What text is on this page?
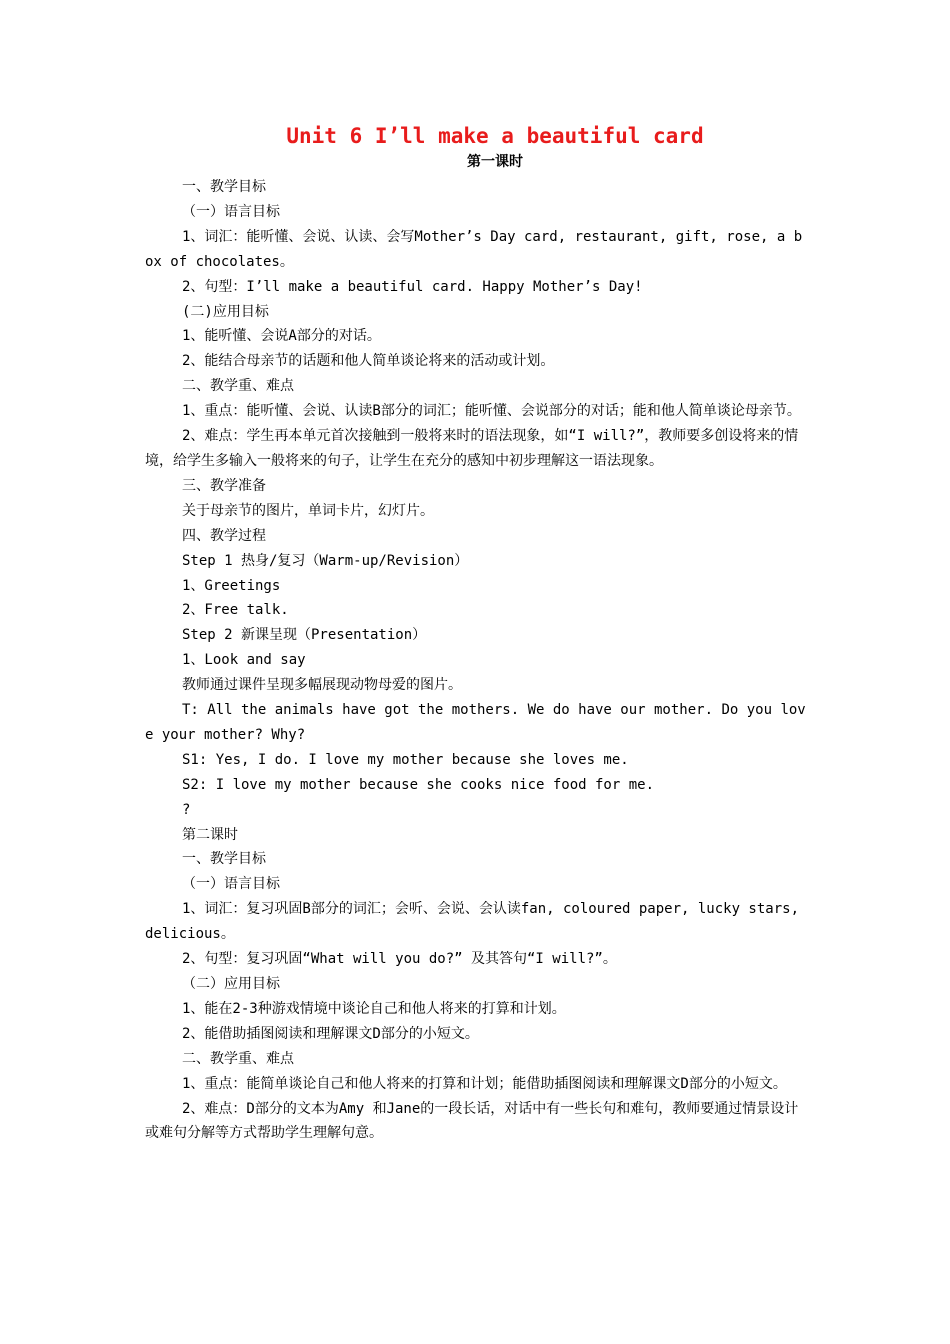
Unit 6 I’ll make a beautiful card
第一课时

一、教学目标

（一）语言目标

1、词汇：能听懂、会说、认读、会写Mother’s Day card, restaurant, gift, rose, a box of chocolates。

2、句型：I’ll make a beautiful card. Happy Mother’s Day!

(二)应用目标

1、能听懂、会说A部分的对话。

2、能结合母亲节的话题和他人简单谈论将来的活动或计划。

二、教学重、难点

1、重点：能听懂、会说、认读B部分的词汇；能听懂、会说部分的对话；能和他人简单谈论母亲节。

2、难点：学生再本单元首次接触到一般将来时的语法现象，如“I will?”，教师要多创设将来的情境，给学生多输入一般将来的句子，让学生在充分的感知中初步理解这一语法现象。

三、教学准备

关于母亲节的图片，单词卡片，幻灯片。

四、教学过程

Step 1 热身/复习（Warm-up/Revision）

1、Greetings

2、Free talk.

Step 2 新课呈现（Presentation）

1、Look and say

教师通过课件呈现多幅展现动物母爱的图片。

T: All the animals have got the mothers. We do have our mother. Do you love your mother? Why?

S1: Yes, I do. I love my mother because she loves me.

S2: I love my mother because she cooks nice food for me.

?

第二课时

一、教学目标

（一）语言目标

1、词汇：复习巩固B部分的词汇；会听、会说、会认读fan, coloured paper, lucky stars, delicious。

2、句型：复习巩固“What will you do?” 及其答句“I will?”。

（二）应用目标

1、能在2-3种游戏情境中谈论自己和他人将来的打算和计划。

2、能借助插图阅读和理解课文D部分的小短文。

二、教学重、难点

1、重点：能简单谈论自己和他人将来的打算和计划；能借助插图阅读和理解课文D部分的小短文。

2、难点：D部分的文本为Amy 和Jane的一段长话，对话中有一些长句和难句，教师要通过情景设计或难句分解等方式帮助学生理解句意。
